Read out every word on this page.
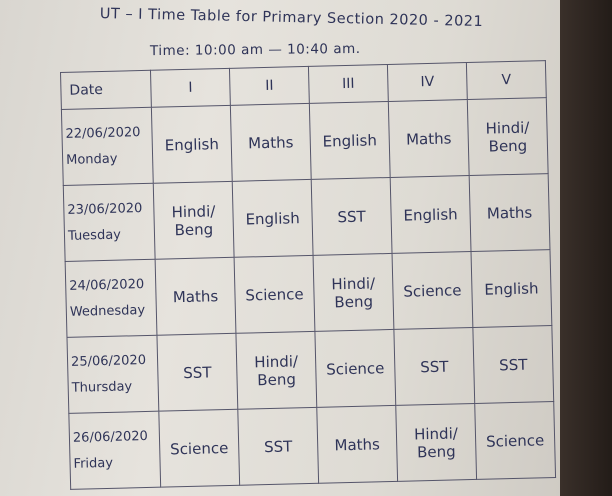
UT – I Time Table for Primary Section 2020 - 2021
Time: 10:00 am — 10:40 am.
Date	I	II	III	IV	V

22/06/2020
Monday	English	Maths	English	Maths	Hindi/ Beng

23/06/2020
Tuesday	Hindi/ Beng	English	SST	English	Maths

24/06/2020
Wednesday	Maths	Science	Hindi/ Beng	Science	English

25/06/2020
Thursday	SST	Hindi/ Beng	Science	SST	SST

26/06/2020
Friday	Science	SST	Maths	Hindi/ Beng	Science
